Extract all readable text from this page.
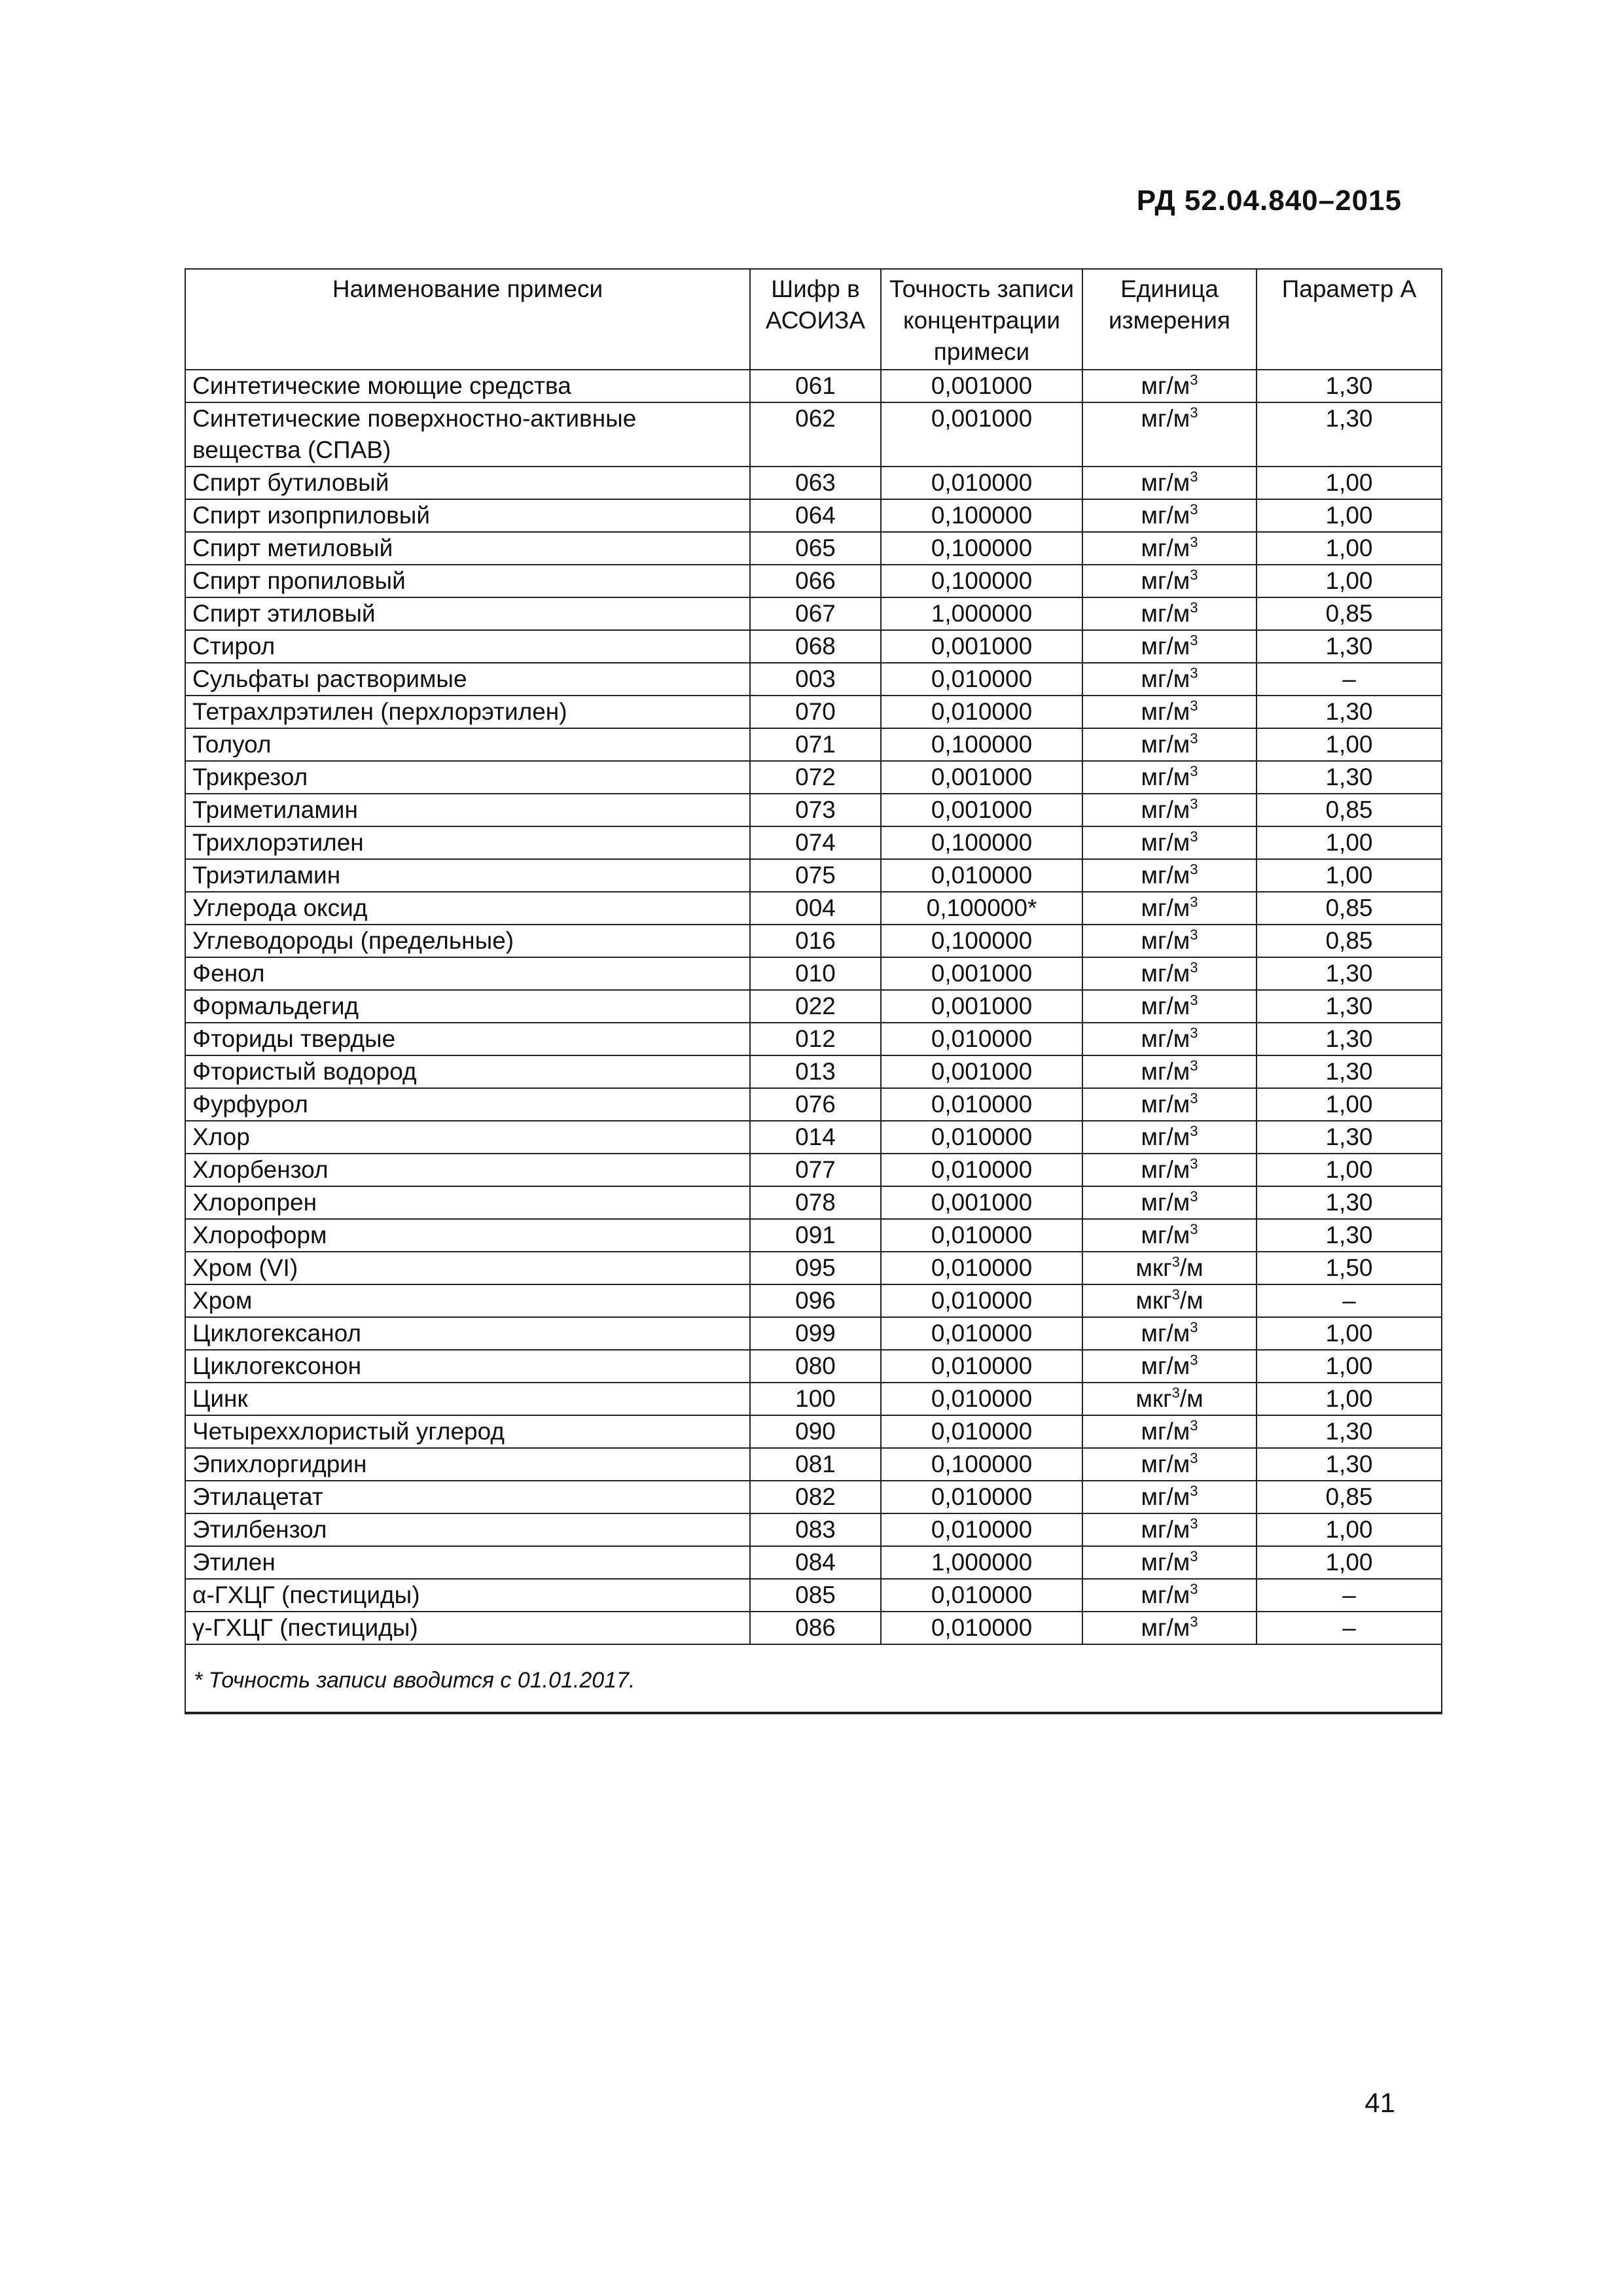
РД 52.04.840–2015
Наименование примеси	Шифр в АСОИЗА	Точность записи концентрации примеси	Единица измерения	Параметр А
Синтетические моющие средства	061	0,001000	$мг/м^3$	1,30
Синтетические поверхностно-активные вещества (СПАВ)	062	0,001000	$мг/м^3$	1,30
Спирт бутиловый	063	0,010000	$мг/м^3$	1,00
Спирт изопрпиловый	064	0,100000	$мг/м^3$	1,00
Спирт метиловый	065	0,100000	$мг/м^3$	1,00
Спирт пропиловый	066	0,100000	$мг/м^3$	1,00
Спирт этиловый	067	1,000000	$мг/м^3$	0,85
Стирол	068	0,001000	$мг/м^3$	1,30
Сульфаты растворимые	003	0,010000	$мг/м^3$	–
Тетрахлрэтилен (перхлорэтилен)	070	0,010000	$мг/м^3$	1,30
Толуол	071	0,100000	$мг/м^3$	1,00
Трикрезол	072	0,001000	$мг/м^3$	1,30
Триметиламин	073	0,001000	$мг/м^3$	0,85
Трихлорэтилен	074	0,100000	$мг/м^3$	1,00
Триэтиламин	075	0,010000	$мг/м^3$	1,00
Углерода оксид	004	0,100000*	$мг/м^3$	0,85
Углеводороды (предельные)	016	0,100000	$мг/м^3$	0,85
Фенол	010	0,001000	$мг/м^3$	1,30
Формальдегид	022	0,001000	$мг/м^3$	1,30
Фториды твердые	012	0,010000	$мг/м^3$	1,30
Фтористый водород	013	0,001000	$мг/м^3$	1,30
Фурфурол	076	0,010000	$мг/м^3$	1,00
Хлор	014	0,010000	$мг/м^3$	1,30
Хлорбензол	077	0,010000	$мг/м^3$	1,00
Хлоропрен	078	0,001000	$мг/м^3$	1,30
Хлороформ	091	0,010000	$мг/м^3$	1,30
Хром (VI)	095	0,010000	мкг$^3$/м	1,50
Хром	096	0,010000	мкг$^3$/м	–
Циклогексанол	099	0,010000	$мг/м^3$	1,00
Циклогексонон	080	0,010000	$мг/м^3$	1,00
Цинк	100	0,010000	мкг$^3$/м	1,00
Четыреххлористый углерод	090	0,010000	$мг/м^3$	1,30
Эпихлоргидрин	081	0,100000	$мг/м^3$	1,30
Этилацетат	082	0,010000	$мг/м^3$	0,85
Этилбензол	083	0,010000	$мг/м^3$	1,00
Этилен	084	1,000000	$мг/м^3$	1,00
α-ГХЦГ (пестициды)	085	0,010000	$мг/м^3$	–
γ-ГХЦГ (пестициды)	086	0,010000	$мг/м^3$	–
* Точность записи вводится с 01.01.2017.				
41
